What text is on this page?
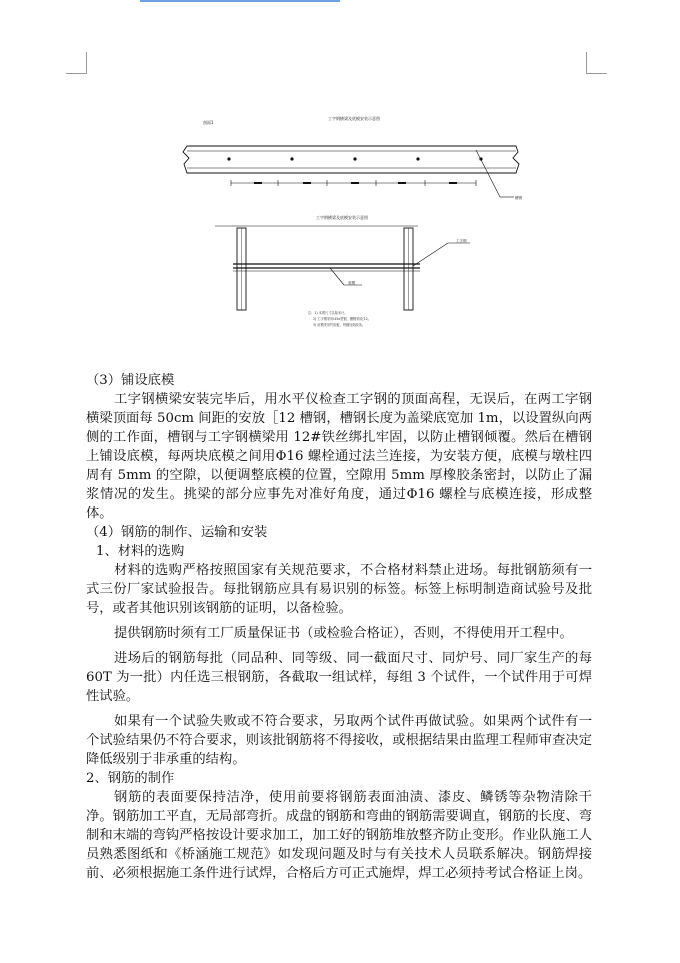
剖面1
工字钢横梁及底模安装示意图
槽钢
工字钢横梁及底模安装示意图
工字钢
底模
注：1) 本图尺寸以厘米计。
2) 工字钢采用I45a型钢，槽钢采用[12。
3) 底模采用竹胶板，拼缝处贴胶条。

（3）铺设底模

工字钢横梁安装完毕后，用水平仪检查工字钢的顶面高程，无误后，在两工字钢横梁顶面每 50cm 间距的安放［12 槽钢，槽钢长度为盖梁底宽加 1m，以设置纵向两侧的工作面，槽钢与工字钢横梁用 12#铁丝绑扎牢固，以防止槽钢倾覆。然后在槽钢上铺设底模，每两块底模之间用Φ16 螺栓通过法兰连接，为安装方便，底模与墩柱四周有 5mm 的空隙，以便调整底模的位置，空隙用 5mm 厚橡胶条密封，以防止了漏浆情况的发生。挑梁的部分应事先对准好角度，通过Φ16 螺栓与底模连接，形成整体。

（4）钢筋的制作、运输和安装

1、材料的选购

材料的选购严格按照国家有关规范要求，不合格材料禁止进场。每批钢筋须有一式三份厂家试验报告。每批钢筋应具有易识别的标签。标签上标明制造商试验号及批号，或者其他识别该钢筋的证明，以备检验。

提供钢筋时须有工厂质量保证书（或检验合格证），否则，不得使用开工程中。

进场后的钢筋每批（同品种、同等级、同一截面尺寸、同炉号、同厂家生产的每 60T 为一批）内任选三根钢筋，各截取一组试样，每组 3 个试件，一个试件用于可焊性试验。

如果有一个试验失败或不符合要求，另取两个试件再做试验。如果两个试件有一个试验结果仍不符合要求，则该批钢筋将不得接收，或根据结果由监理工程师审查决定降低级别于非承重的结构。

2、钢筋的制作

钢筋的表面要保持洁净，使用前要将钢筋表面油渍、漆皮、鳞锈等杂物清除干净。钢筋加工平直，无局部弯折。成盘的钢筋和弯曲的钢筋需要调直，钢筋的长度、弯制和末端的弯钩严格按设计要求加工，加工好的钢筋堆放整齐防止变形。作业队施工人员熟悉图纸和《桥涵施工规范》如发现问题及时与有关技术人员联系解决。钢筋焊接前、必须根据施工条件进行试焊，合格后方可正式施焊，焊工必须持考试合格证上岗。
